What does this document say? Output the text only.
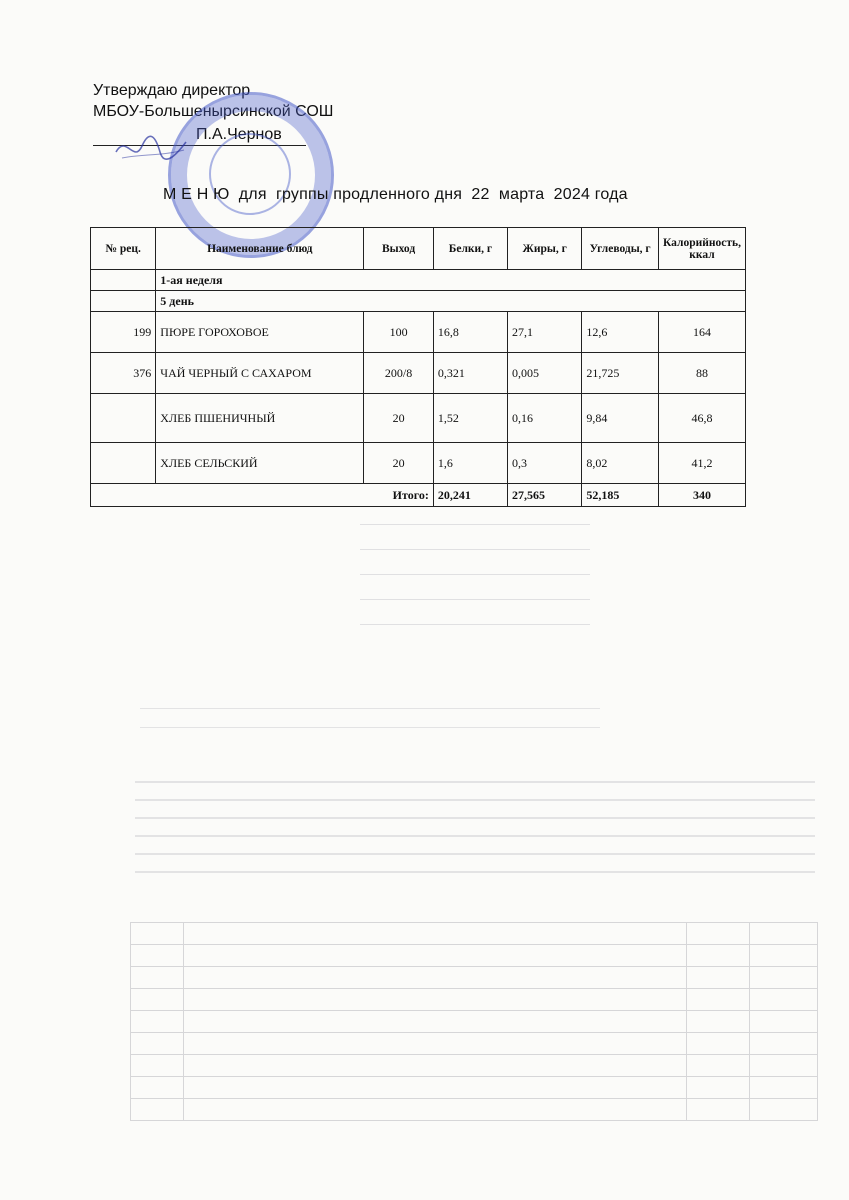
Утверждаю директор
МБОУ-Большенырсинской СОШ
П.А.Чернов
М Е Н Ю  для  группы продленного дня  22  марта  2024 года
№ рец.	Наименование блюд	Выход	Белки, г	Жиры, г	Углеводы, г	Калорийность, ккал
	1-ая неделя					
	5 день					
199	ПЮРЕ ГОРОХОВОЕ	100	16,8	27,1	12,6	164
376	ЧАЙ ЧЕРНЫЙ С САХАРОМ	200/8	0,321	0,005	21,725	88
	ХЛЕБ ПШЕНИЧНЫЙ	20	1,52	0,16	9,84	46,8
	ХЛЕБ СЕЛЬСКИЙ	20	1,6	0,3	8,02	41,2
Итого:			20,241	27,565	52,185	340
